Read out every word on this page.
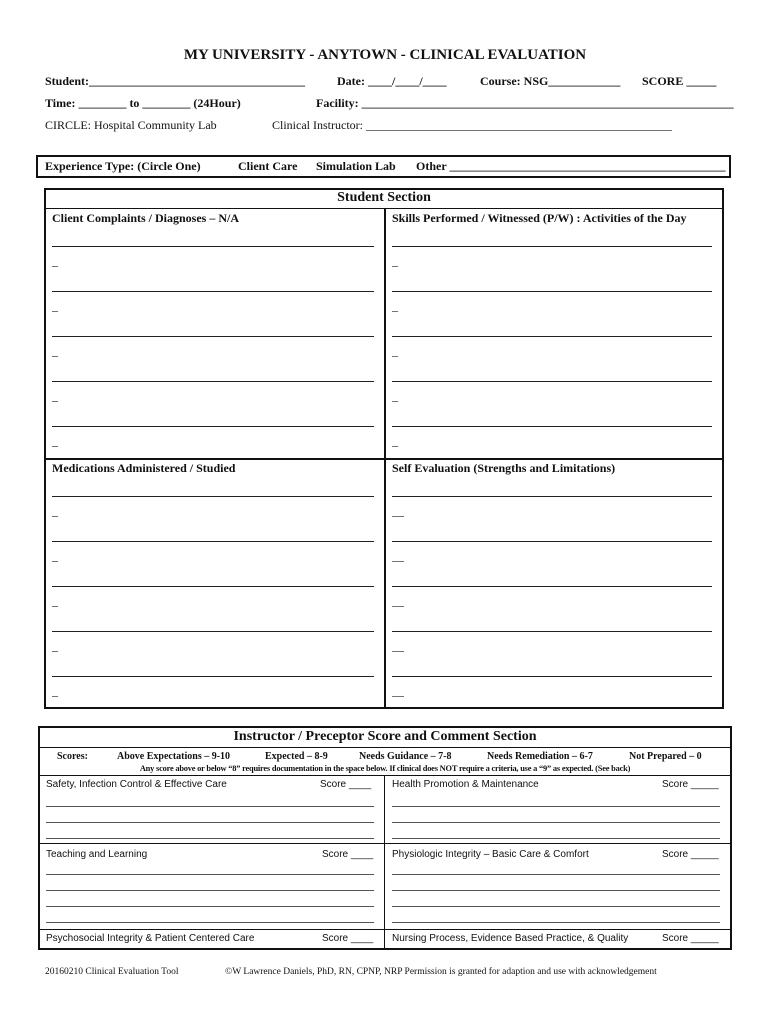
MY UNIVERSITY - ANYTOWN - CLINICAL EVALUATION
Student:____________________________________	Date: ____/____/____	Course: NSG____________ SCORE _____
Time: ________ to ________ (24Hour)	Facility: ______________________________________________________________
CIRCLE: Hospital Community Lab	Clinical Instructor: ___________________________________________________
Experience Type: (Circle One)	Client Care Simulation Lab Other ______________________________________________
Student Section
Client Complaints / Diagnoses – N/A	Skills Performed / Witnessed (P/W) : Activities of the Day
Medications Administered / Studied	Self Evaluation (Strengths and Limitations)
–
–
–
–
–
–
–
–
–
–
–
–
–
–
–
—
—
—
—
—
Instructor / Preceptor Score and Comment Section
Scores:	Above Expectations – 9-10	Expected – 8-9	Needs Guidance – 7-8	Needs Remediation – 6-7	Not Prepared – 0
Any score above or below “8” requires documentation in the space below. If clinical does NOT require a criteria, use a “9” as expected. (See back)
Safety, Infection Control & Effective Care	Score ____ Health Promotion & Maintenance	Score _____
Teaching and Learning	Score ____ Physiologic Integrity – Basic Care & Comfort	Score _____
Psychosocial Integrity & Patient Centered Care	Score ____ Nursing Process, Evidence Based Practice, & Quality	Score _____
20160210 Clinical Evaluation Tool	©W Lawrence Daniels, PhD, RN, CPNP, NRP Permission is granted for adaption and use with acknowledgement
